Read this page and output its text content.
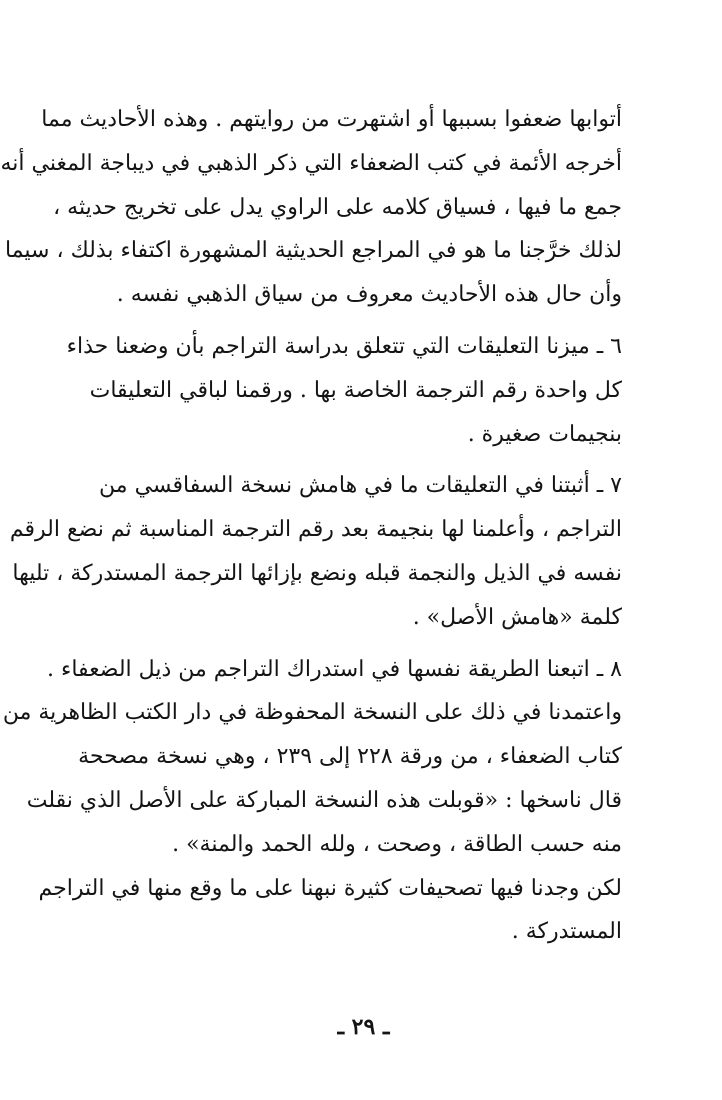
أتوابها ضعفوا بسببها أو اشتهرت من روايتهم . وهذه الأحاديث مما
أخرجه الأئمة في كتب الضعفاء التي ذكر الذهبي في ديباجة المغني أنه
جمع ما فيها ، فسياق كلامه على الراوي يدل على تخريج حديثه ،
لذلك خرَّجنا ما هو في المراجع الحديثية المشهورة اكتفاء بذلك ، سيما
وأن حال هذه الأحاديث معروف من سياق الذهبي نفسه .
٦ ـ ميزنا التعليقات التي تتعلق بدراسة التراجم بأن وضعنا حذاء
كل واحدة رقم الترجمة الخاصة بها . ورقمنا لباقي التعليقات
بنجيمات صغيرة .
٧ ـ أثبتنا في التعليقات ما في هامش نسخة السفاقسي من
التراجم ، وأعلمنا لها بنجيمة بعد رقم الترجمة المناسبة ثم نضع الرقم
نفسه في الذيل والنجمة قبله ونضع بإزائها الترجمة المستدركة ، تليها
كلمة «هامش الأصل» .
٨ ـ اتبعنا الطريقة نفسها في استدراك التراجم من ذيل الضعفاء .
واعتمدنا في ذلك على النسخة المحفوظة في دار الكتب الظاهرية من
كتاب الضعفاء ، من ورقة ٢٢٨ إلى ٢٣٩ ، وهي نسخة مصححة
قال ناسخها : «قوبلت هذه النسخة المباركة على الأصل الذي نقلت
منه حسب الطاقة ، وصحت ، ولله الحمد والمنة» .
لكن وجدنا فيها تصحيفات كثيرة نبهنا على ما وقع منها في التراجم
المستدركة .
ـ ٢٩ ـ
